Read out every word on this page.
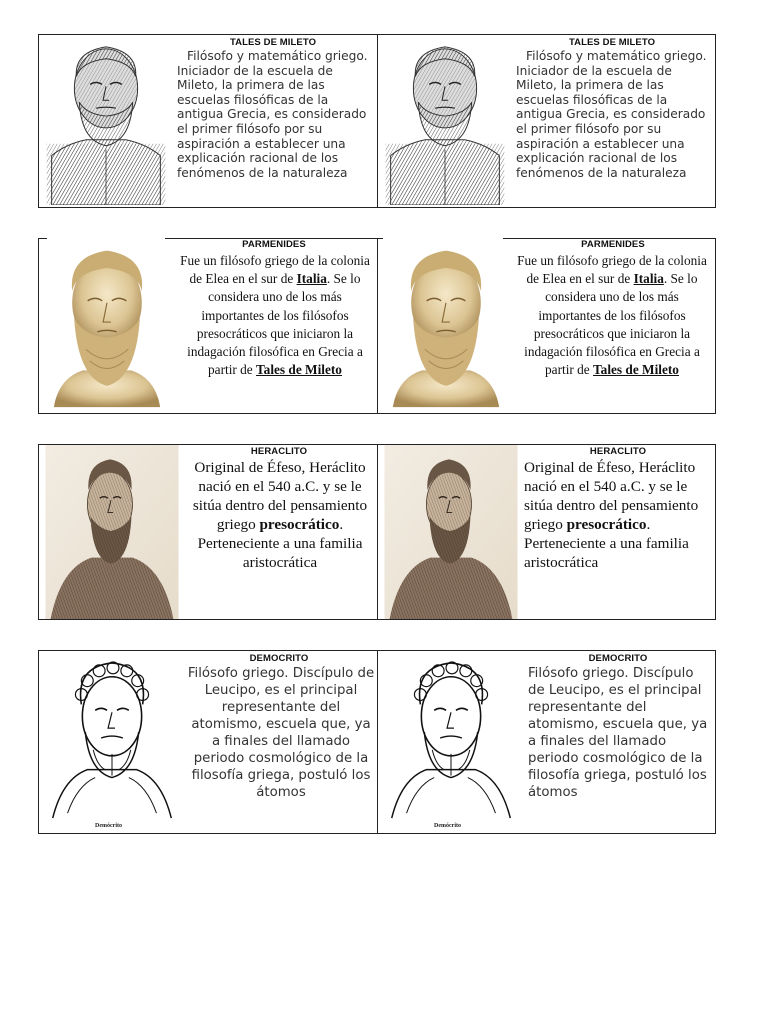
TALES DE MILETO
Filósofo y matemático griego. Iniciador de la escuela de Mileto, la primera de las escuelas filosóficas de la antigua Grecia, es considerado el primer filósofo por su aspiración a establecer una explicación racional de los fenómenos de la naturaleza
TALES DE MILETO
Filósofo y matemático griego. Iniciador de la escuela de Mileto, la primera de las escuelas filosóficas de la antigua Grecia, es considerado el primer filósofo por su aspiración a establecer una explicación racional de los fenómenos de la naturaleza
PARMENIDES
Fue un filósofo griego de la colonia de Elea en el sur de Italia. Se lo considera uno de los más importantes de los filósofos presocráticos que iniciaron la indagación filosófica en Grecia a partir de Tales de Mileto
PARMENIDES
Fue un filósofo griego de la colonia de Elea en el sur de Italia. Se lo considera uno de los más importantes de los filósofos presocráticos que iniciaron la indagación filosófica en Grecia a partir de Tales de Mileto
HERACLITO
Original de Éfeso, Heráclito nació en el 540 a.C. y se le sitúa dentro del pensamiento griego presocrático. Perteneciente a una familia aristocrática
HERACLITO
Original de Éfeso, Heráclito nació en el 540 a.C. y se le sitúa dentro del pensamiento griego presocrático. Perteneciente a una familia aristocrática
Demócrito
DEMOCRITO
Filósofo griego. Discípulo de Leucipo, es el principal representante del atomismo, escuela que, ya a finales del llamado periodo cosmológico de la filosofía griega, postuló los átomos
Demócrito
DEMOCRITO
Filósofo griego. Discípulo de Leucipo, es el principal representante del atomismo, escuela que, ya a finales del llamado periodo cosmológico de la filosofía griega, postuló los átomos
